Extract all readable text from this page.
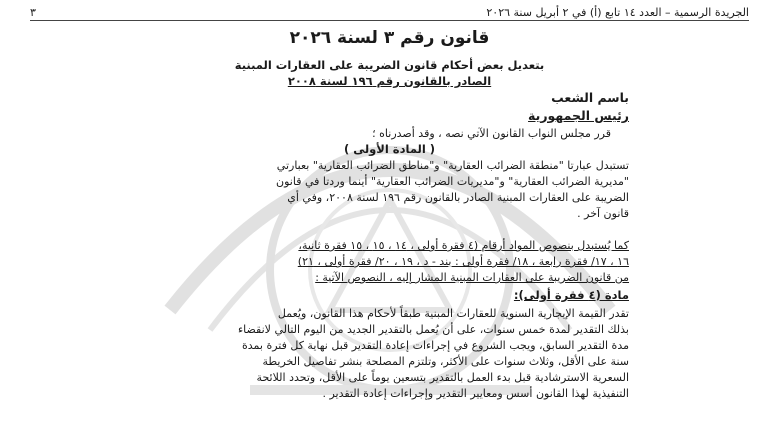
الجريدة الرسمية – العدد ١٤ تابع (أ) في ٢ أبريل سنة ٢٠٢٦
٣
قانون رقم ٣ لسنة ٢٠٢٦
بتعديل بعض أحكام قانون الضريبة على العقارات المبنية
الصادر بالقانون رقم ١٩٦ لسنة ٢٠٠٨
باسم الشعب
رئيس الجمهورية
قرر مجلس النواب القانون الآتي نصه ، وقد أصدرناه ؛
( المادة الأولى )
تستبدل عبارتا "منطقة الضرائب العقارية" و"مناطق الضرائب العقارية" بعبارتي
"مديرية الضرائب العقارية" و"مديريات الضرائب العقارية" أينما وردتا في قانون
الضريبة على العقارات المبنية الصادر بالقانون رقم ١٩٦ لسنة ٢٠٠٨، وفي أي
قانون آخر .
كما يُستبدل بنصوص المواد أرقام (٤ فقرة أولى ، ١٤ ، ١٥ ، ١٥ فقرة ثانية،
١٦ ، ١٧/ فقرة رابعة ، ١٨/ فقرة أولى : بند - د ، ١٩ ، ٢٠/ فقرة أولى ، ٢١)
من قانون الضريبة على العقارات المبنية المشار إليه ، النصوص الآتية :
مادة (٤ فقرة أولى):
تقدر القيمة الإيجارية السنوية للعقارات المبنية طبقاً لأحكام هذا القانون، ويُعمل
بذلك التقدير لمدة خمس سنوات، على أن يُعمل بالتقدير الجديد من اليوم التالي لانقضاء
مدة التقدير السابق، ويجب الشروع في إجراءات إعادة التقدير قبل نهاية كل فترة بمدة
سنة على الأقل، وثلاث سنوات على الأكثر، وتلتزم المصلحة بنشر تفاصيل الخريطة
السعرية الاسترشادية قبل بدء العمل بالتقدير بتسعين يوماً على الأقل، وتحدد اللائحة
التنفيذية لهذا القانون أسس ومعايير التقدير وإجراءات إعادة التقدير .
